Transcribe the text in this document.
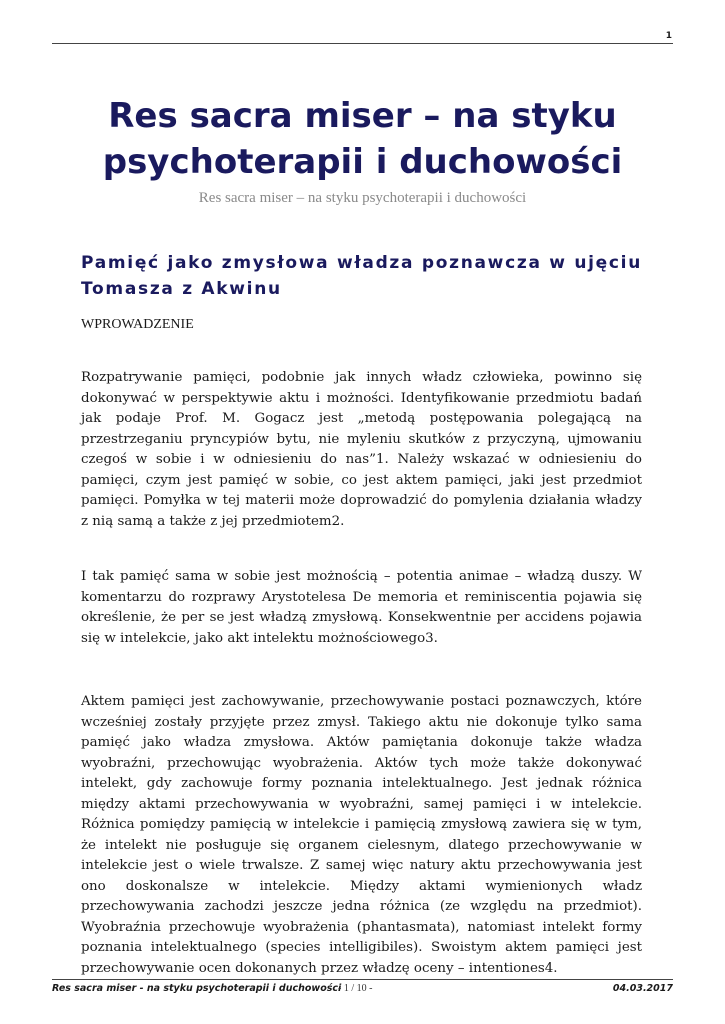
1
Res sacra miser – na styku psychoterapii i duchowości
Res sacra miser – na styku psychoterapii i duchowości
Pamięć jako zmysłowa władza poznawcza w ujęciu Tomasza z Akwinu
WPROWADZENIE

Rozpatrywanie pamięci, podobnie jak innych władz człowieka, powinno się dokonywać w perspektywie aktu i możności. Identyfikowanie przedmiotu badań jak podaje Prof. M. Gogacz jest „metodą postępowania polegającą na przestrzeganiu pryncypiów bytu, nie myleniu skutków z przyczyną, ujmowaniu czegoś w sobie i w odniesieniu do nas”1. Należy wskazać w odniesieniu do pamięci, czym jest pamięć w sobie, co jest aktem pamięci, jaki jest przedmiot pamięci. Pomyłka w tej materii może doprowadzić do pomylenia działania władzy z nią samą a także z jej przedmiotem2.

I tak pamięć sama w sobie jest możnością – potentia animae – władzą duszy. W komentarzu do rozprawy Arystotelesa De memoria et reminiscentia pojawia się określenie, że per se jest władzą zmysłową. Konsekwentnie per accidens pojawia się w intelekcie, jako akt intelektu możnościowego3.

Aktem pamięci jest zachowywanie, przechowywanie postaci poznawczych, które wcześniej zostały przyjęte przez zmysł. Takiego aktu nie dokonuje tylko sama pamięć jako władza zmysłowa. Aktów pamiętania dokonuje także władza wyobraźni, przechowując wyobrażenia. Aktów tych może także dokonywać intelekt, gdy zachowuje formy poznania intelektualnego. Jest jednak różnica między aktami przechowywania w wyobraźni, samej pamięci i w intelekcie. Różnica pomiędzy pamięcią w intelekcie i pamięcią zmysłową zawiera się w tym, że intelekt nie posługuje się organem cielesnym, dlatego przechowywanie w intelekcie jest o wiele trwalsze. Z samej więc natury aktu przechowywania jest ono doskonalsze w intelekcie. Między aktami wymienionych władz przechowywania zachodzi jeszcze jedna różnica (ze względu na przedmiot). Wyobraźnia przechowuje wyobrażenia (phantasmata), natomiast intelekt formy poznania intelektualnego (species intelligibiles). Swoistym aktem pamięci jest przechowywanie ocen dokonanych przez władzę oceny – intentiones4.

Res sacra miser - na styku psychoterapii i duchowości
- 1 / 10 -	04.03.2017
